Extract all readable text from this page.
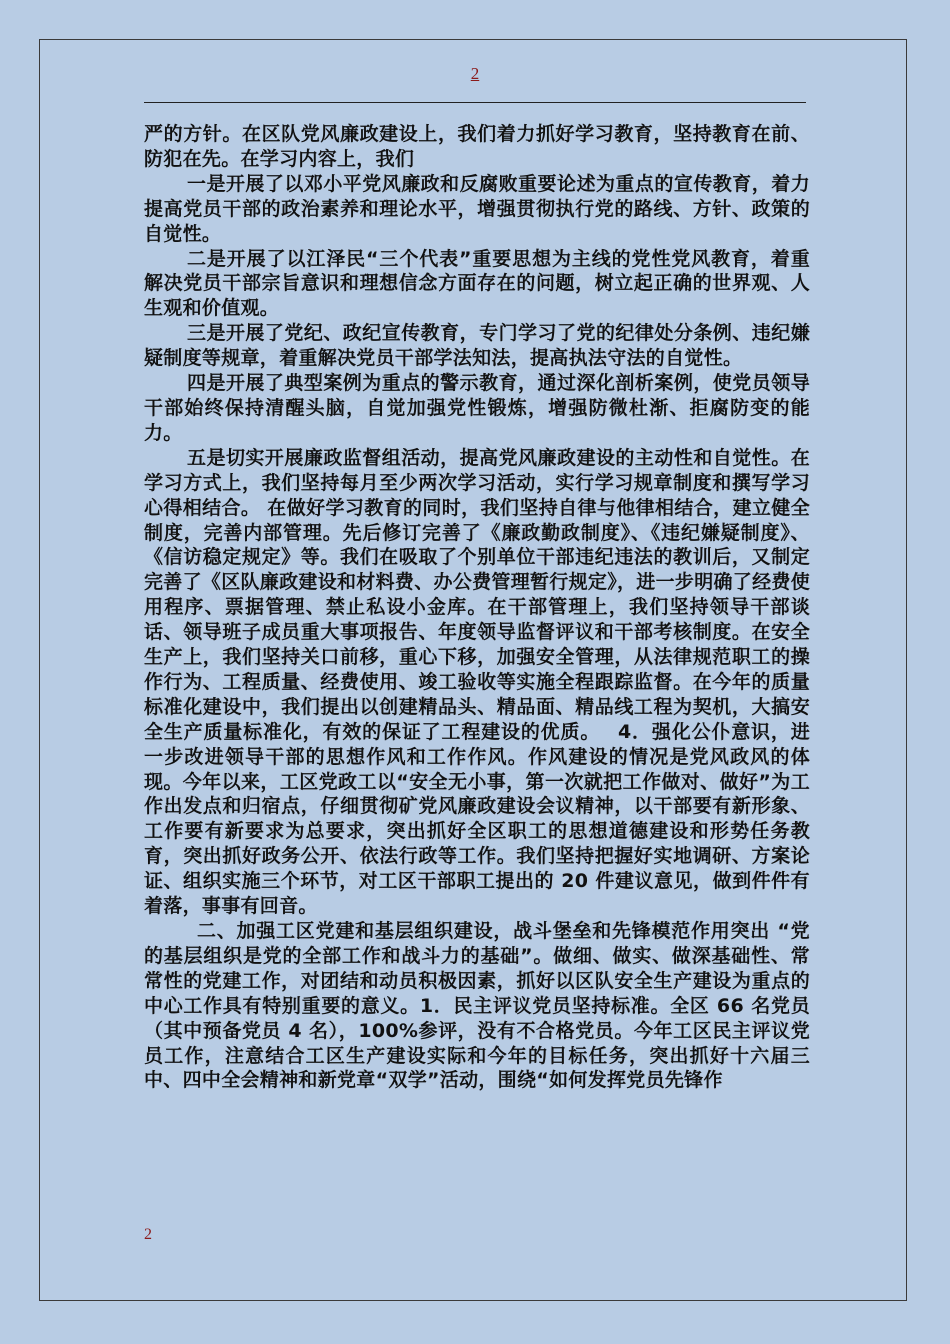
2

严的方针。在区队党风廉政建设上，我们着力抓好学习教育，坚持教育在前、防犯在先。在学习内容上，我们

一是开展了以邓小平党风廉政和反腐败重要论述为重点的宣传教育，着力提高党员干部的政治素养和理论水平，增强贯彻执行党的路线、方针、政策的自觉性。

二是开展了以江泽民“三个代表”重要思想为主线的党性党风教育，着重解决党员干部宗旨意识和理想信念方面存在的问题，树立起正确的世界观、人生观和价值观。

三是开展了党纪、政纪宣传教育，专门学习了党的纪律处分条例、违纪嫌疑制度等规章，着重解决党员干部学法知法，提高执法守法的自觉性。

四是开展了典型案例为重点的警示教育，通过深化剖析案例，使党员领导干部始终保持清醒头脑，自觉加强党性锻炼，增强防微杜渐、拒腐防变的能力。

五是切实开展廉政监督组活动，提高党风廉政建设的主动性和自觉性。在学习方式上，我们坚持每月至少两次学习活动，实行学习规章制度和撰写学习心得相结合。 在做好学习教育的同时，我们坚持自律与他律相结合，建立健全制度，完善内部管理。先后修订完善了《廉政勤政制度》、《违纪嫌疑制度》、《信访稳定规定》等。我们在吸取了个别单位干部违纪违法的教训后，又制定完善了《区队廉政建设和材料费、办公费管理暂行规定》，进一步明确了经费使用程序、票据管理、禁止私设小金库。在干部管理上，我们坚持领导干部谈话、领导班子成员重大事项报告、年度领导监督评议和干部考核制度。在安全生产上，我们坚持关口前移，重心下移，加强安全管理，从法律规范职工的操作行为、工程质量、经费使用、竣工验收等实施全程跟踪监督。在今年的质量标准化建设中，我们提出以创建精品头、精品面、精品线工程为契机，大搞安全生产质量标准化，有效的保证了工程建设的优质。　 4．强化公仆意识，进一步改进领导干部的思想作风和工作作风。作风建设的情况是党风政风的体现。今年以来，工区党政工以“安全无小事，第一次就把工作做对、做好”为工作出发点和归宿点，仔细贯彻矿党风廉政建设会议精神，以干部要有新形象、工作要有新要求为总要求，突出抓好全区职工的思想道德建设和形势任务教育，突出抓好政务公开、依法行政等工作。我们坚持把握好实地调研、方案论证、组织实施三个环节，对工区干部职工提出的 20 件建议意见，做到件件有着落，事事有回音。

二、加强工区党建和基层组织建设，战斗堡垒和先锋模范作用突出 “党的基层组织是党的全部工作和战斗力的基础”。做细、做实、做深基础性、常常性的党建工作，对团结和动员积极因素，抓好以区队安全生产建设为重点的中心工作具有特别重要的意义。1．民主评议党员坚持标准。全区 66 名党员（其中预备党员 4 名），100%参评，没有不合格党员。今年工区民主评议党员工作，注意结合工区生产建设实际和今年的目标任务，突出抓好十六届三中、四中全会精神和新党章“双学”活动，围绕“如何发挥党员先锋作

2
